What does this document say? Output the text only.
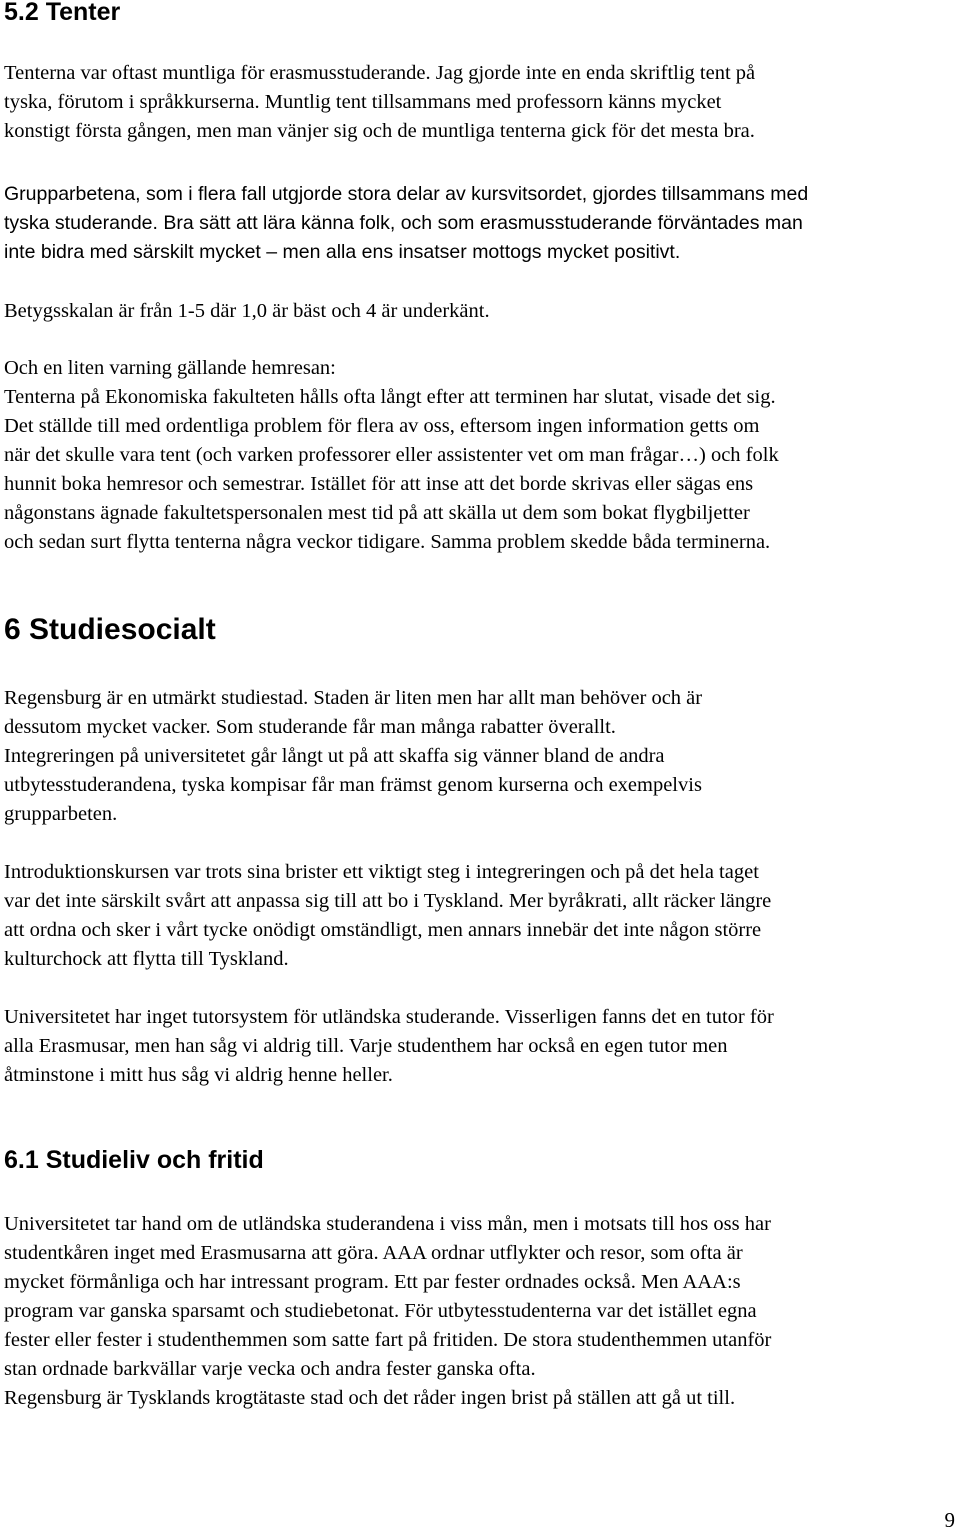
5.2 Tenter

Tenterna var oftast muntliga för erasmusstuderande. Jag gjorde inte en enda skriftlig tent på
tyska, förutom i språkkurserna. Muntlig tent tillsammans med professorn känns mycket
konstigt första gången, men man vänjer sig och de muntliga tenterna gick för det mesta bra.

Grupparbetena, som i flera fall utgjorde stora delar av kursvitsordet, gjordes tillsammans med
tyska studerande. Bra sätt att lära känna folk, och som erasmusstuderande förväntades man
inte bidra med särskilt mycket – men alla ens insatser mottogs mycket positivt.

Betygsskalan är från 1-5 där 1,0 är bäst och 4 är underkänt.

Och en liten varning gällande hemresan:
Tenterna på Ekonomiska fakulteten hålls ofta långt efter att terminen har slutat, visade det sig.
Det ställde till med ordentliga problem för flera av oss, eftersom ingen information getts om
när det skulle vara tent (och varken professorer eller assistenter vet om man frågar…) och folk
hunnit boka hemresor och semestrar. Istället för att inse att det borde skrivas eller sägas ens
någonstans ägnade fakultetspersonalen mest tid på att skälla ut dem som bokat flygbiljetter
och sedan surt flytta tenterna några veckor tidigare. Samma problem skedde båda terminerna.

6 Studiesocialt

Regensburg är en utmärkt studiestad. Staden är liten men har allt man behöver och är
dessutom mycket vacker. Som studerande får man många rabatter överallt.
Integreringen på universitetet går långt ut på att skaffa sig vänner bland de andra
utbytesstuderandena, tyska kompisar får man främst genom kurserna och exempelvis
grupparbeten.

Introduktionskursen var trots sina brister ett viktigt steg i integreringen och på det hela taget
var det inte särskilt svårt att anpassa sig till att bo i Tyskland. Mer byråkrati, allt räcker längre
att ordna och sker i vårt tycke onödigt omständligt, men annars innebär det inte någon större
kulturchock att flytta till Tyskland.

Universitetet har inget tutorsystem för utländska studerande. Visserligen fanns det en tutor för
alla Erasmusar, men han såg vi aldrig till. Varje studenthem har också en egen tutor men
åtminstone i mitt hus såg vi aldrig henne heller.

6.1 Studieliv och fritid

Universitetet tar hand om de utländska studerandena i viss mån, men i motsats till hos oss har
studentkåren inget med Erasmusarna att göra. AAA ordnar utflykter och resor, som ofta är
mycket förmånliga och har intressant program. Ett par fester ordnades också. Men AAA:s
program var ganska sparsamt och studiebetonat. För utbytesstudenterna var det istället egna
fester eller fester i studenthemmen som satte fart på fritiden. De stora studenthemmen utanför
stan ordnade barkvällar varje vecka och andra fester ganska ofta.
Regensburg är Tysklands krogtätaste stad och det råder ingen brist på ställen att gå ut till.

9
